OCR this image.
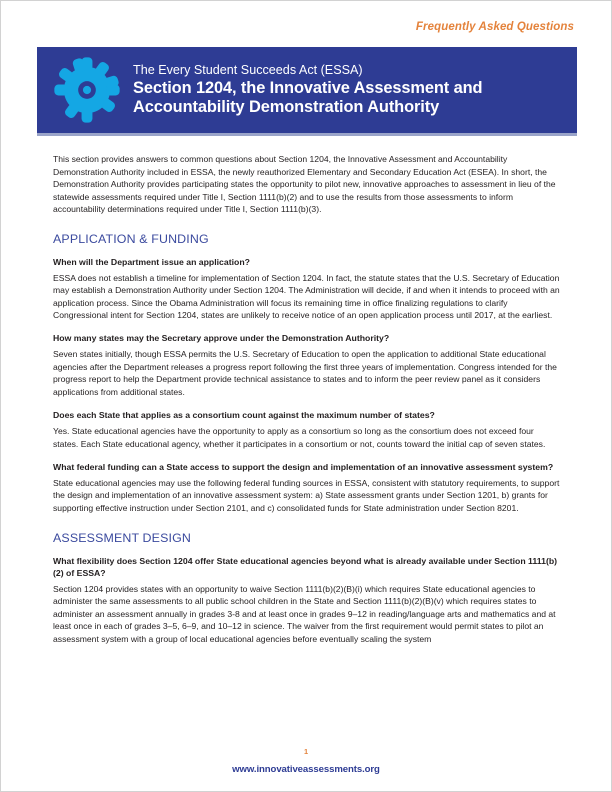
Frequently Asked Questions
The Every Student Succeeds Act (ESSA)
Section 1204, the Innovative Assessment and
Accountability Demonstration Authority

This section provides answers to common questions about Section 1204, the Innovative Assessment and Accountability Demonstration Authority included in ESSA, the newly reauthorized Elementary and Secondary Education Act (ESEA). In short, the Demonstration Authority provides participating states the opportunity to pilot new, innovative approaches to assessment in lieu of the statewide assessments required under Title I, Section 1111(b)(2) and to use the results from those assessments to inform accountability determinations required under Title I, Section 1111(b)(3).

APPLICATION & FUNDING

When will the Department issue an application?

ESSA does not establish a timeline for implementation of Section 1204. In fact, the statute states that the U.S. Secretary of Education may establish a Demonstration Authority under Section 1204. The Administration will decide, if and when it intends to proceed with an application process. Since the Obama Administration will focus its remaining time in office finalizing regulations to clarify Congressional intent for Section 1204, states are unlikely to receive notice of an open application process until 2017, at the earliest.

How many states may the Secretary approve under the Demonstration Authority?

Seven states initially, though ESSA permits the U.S. Secretary of Education to open the application to additional State educational agencies after the Department releases a progress report following the first three years of implementation. Congress intended for the progress report to help the Department provide technical assistance to states and to inform the peer review panel as it considers applications from additional states.

Does each State that applies as a consortium count against the maximum number of states?

Yes. State educational agencies have the opportunity to apply as a consortium so long as the consortium does not exceed four states. Each State educational agency, whether it participates in a consortium or not, counts toward the initial cap of seven states.

What federal funding can a State access to support the design and implementation of an innovative assessment system?

State educational agencies may use the following federal funding sources in ESSA, consistent with statutory requirements, to support the design and implementation of an innovative assessment system: a) State assessment grants under Section 1201, b) grants for supporting effective instruction under Section 2101, and c) consolidated funds for State administration under Section 8201.

ASSESSMENT DESIGN

What flexibility does Section 1204 offer State educational agencies beyond what is already available under Section 1111(b)(2) of ESSA?

Section 1204 provides states with an opportunity to waive Section 1111(b)(2)(B)(i) which requires State educational agencies to administer the same assessments to all public school children in the State and Section 1111(b)(2)(B)(v) which requires states to administer an assessment annually in grades 3-8 and at least once in grades 9–12 in reading/language arts and mathematics and at least once in each of grades 3–5, 6–9, and 10–12 in science. The waiver from the first requirement would permit states to pilot an assessment system with a group of local educational agencies before eventually scaling the system

1
www.innovativeassessments.org
